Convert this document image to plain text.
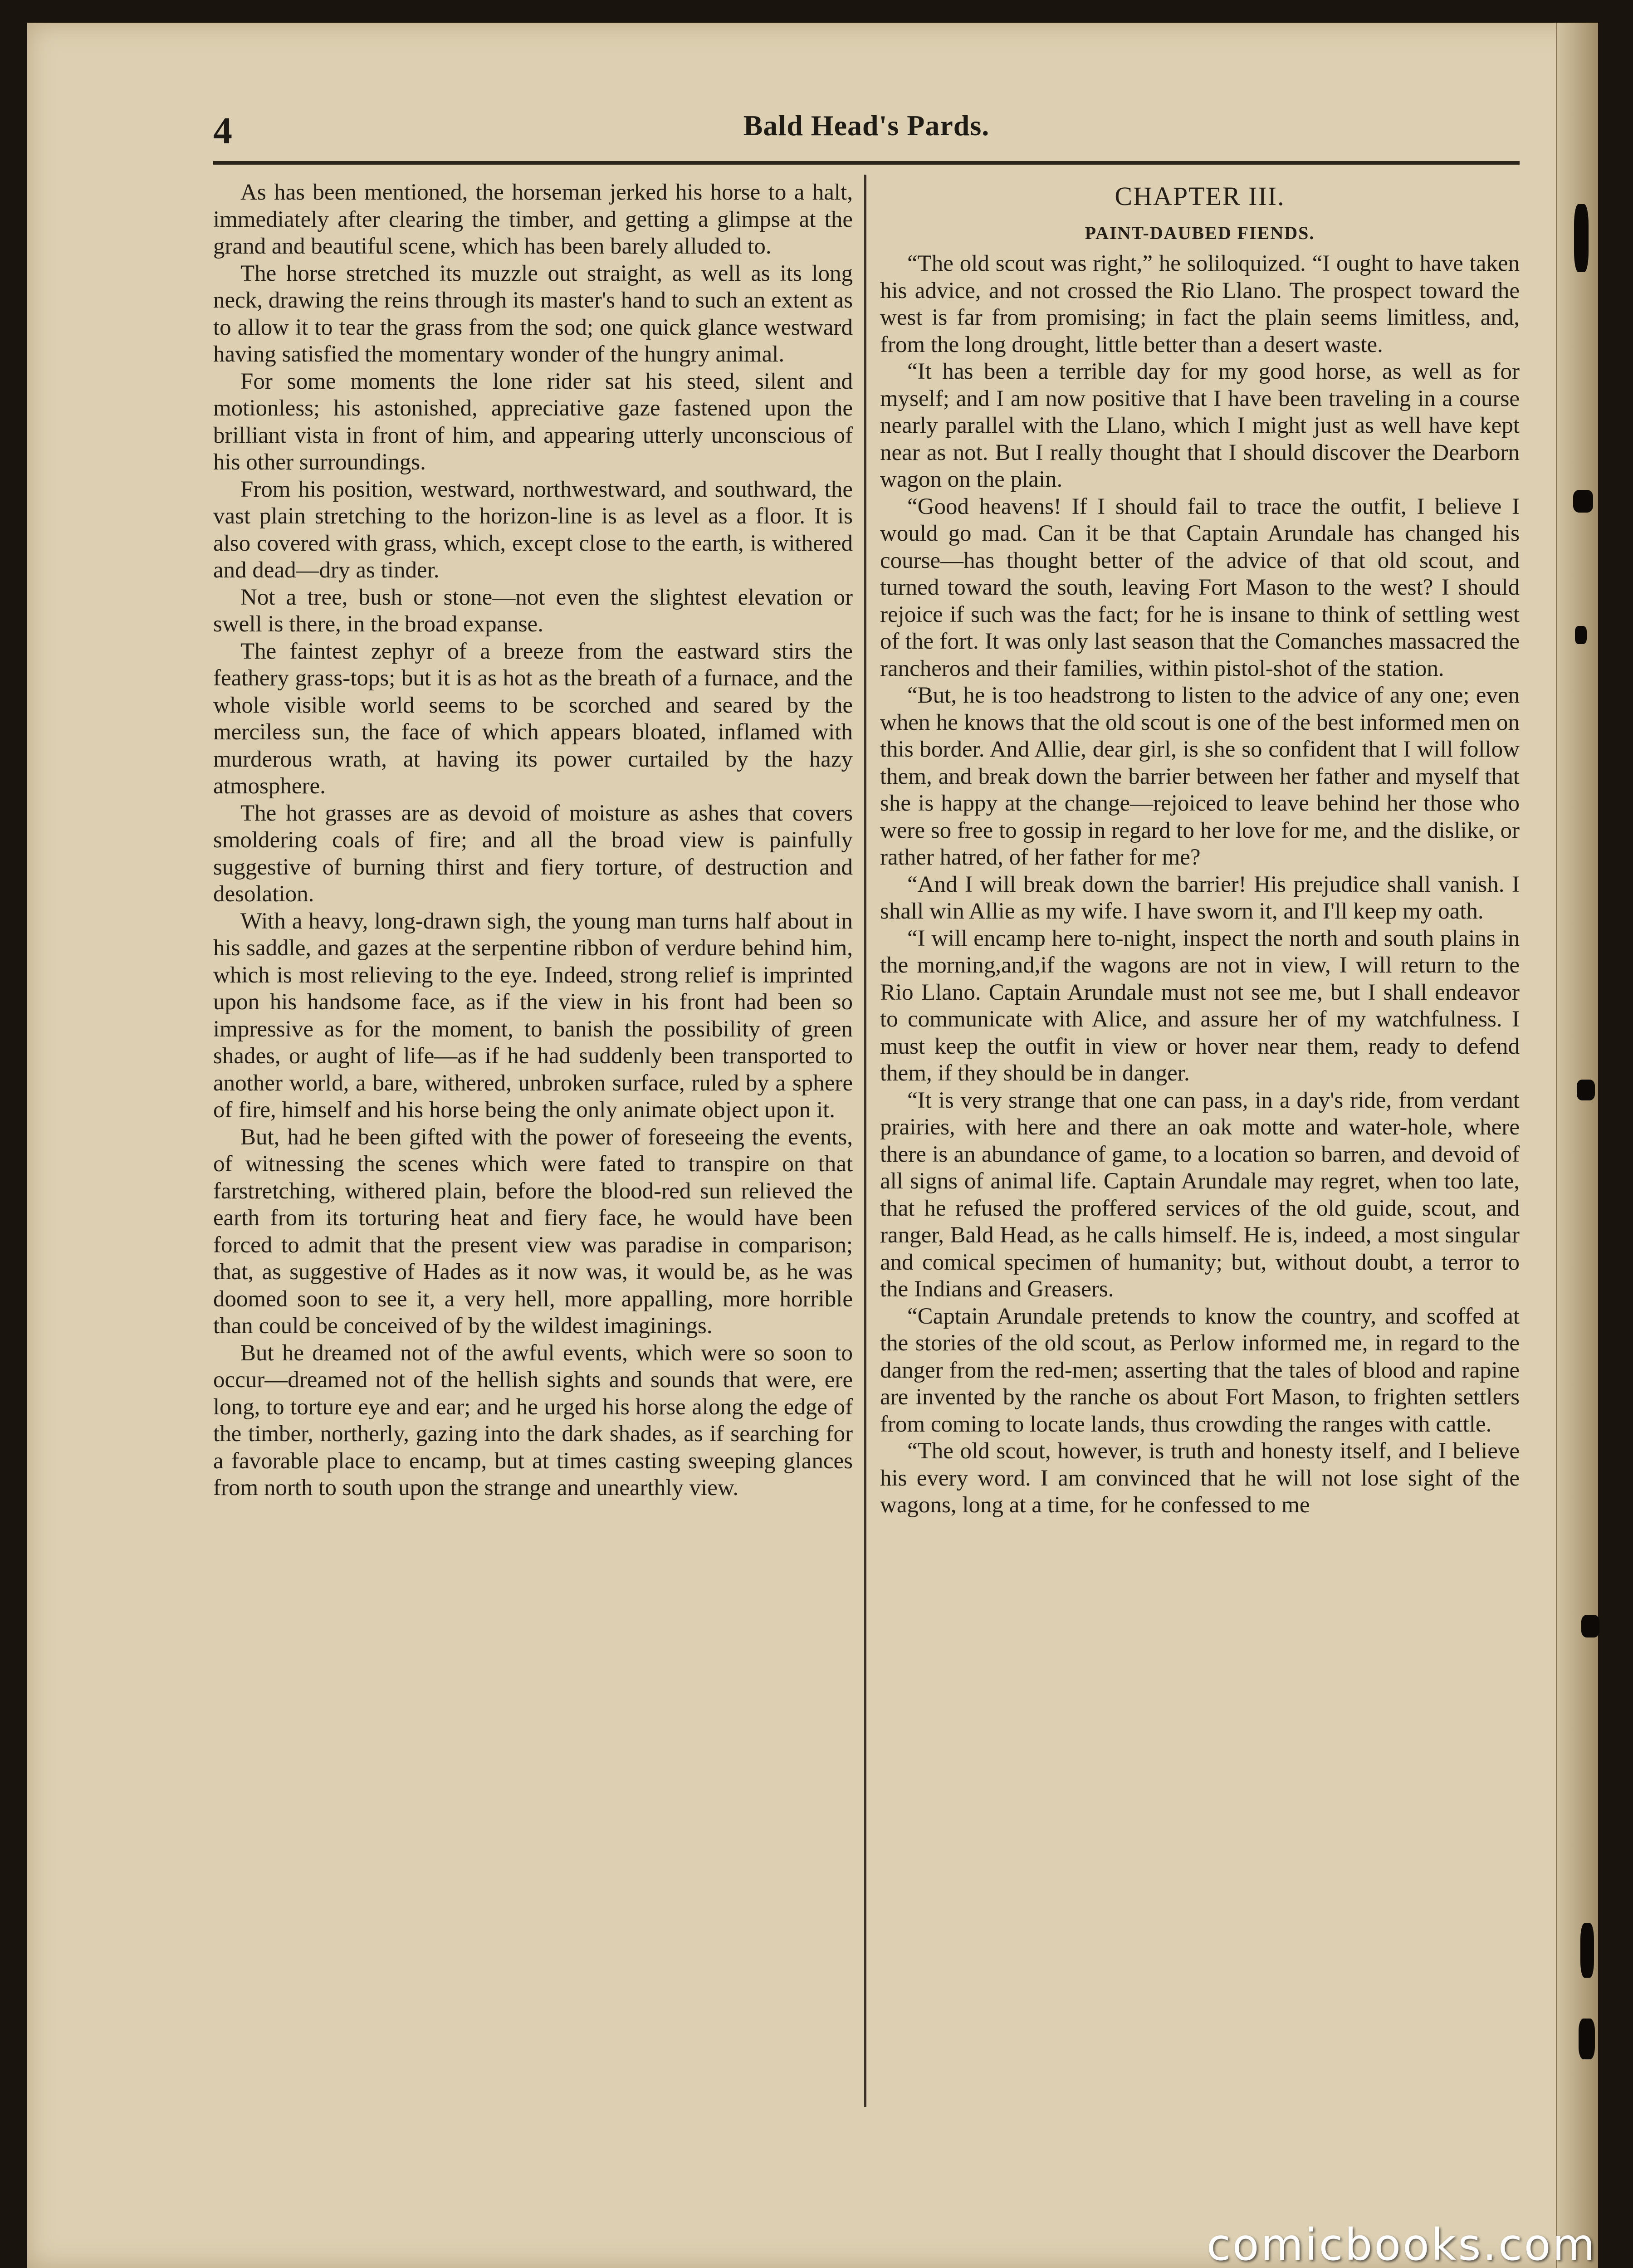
4	Bald Head's Pards.

As has been mentioned, the horseman jerked his horse to a halt, immediately after clearing the timber, and getting a glimpse at the grand and beautiful scene, which has been barely alluded to.

The horse stretched its muzzle out straight, as well as its long neck, drawing the reins through its master's hand to such an extent as to allow it to tear the grass from the sod; one quick glance westward having satisfied the momentary wonder of the hungry animal.

For some moments the lone rider sat his steed, silent and motionless; his astonished, appreciative gaze fastened upon the brilliant vista in front of him, and appearing utterly unconscious of his other surroundings.

From his position, westward, northwestward, and southward, the vast plain stretching to the horizon-line is as level as a floor. It is also covered with grass, which, except close to the earth, is withered and dead—dry as tinder.

Not a tree, bush or stone—not even the slightest elevation or swell is there, in the broad expanse.

The faintest zephyr of a breeze from the eastward stirs the feathery grass-tops; but it is as hot as the breath of a furnace, and the whole visible world seems to be scorched and seared by the merciless sun, the face of which appears bloated, inflamed with murderous wrath, at having its power curtailed by the hazy atmosphere.

The hot grasses are as devoid of moisture as ashes that covers smoldering coals of fire; and all the broad view is painfully suggestive of burning thirst and fiery torture, of destruction and desolation.

With a heavy, long-drawn sigh, the young man turns half about in his saddle, and gazes at the serpentine ribbon of verdure behind him, which is most relieving to the eye. Indeed, strong relief is imprinted upon his handsome face, as if the view in his front had been so impressive as for the moment, to banish the possibility of green shades, or aught of life—as if he had suddenly been transported to another world, a bare, withered, unbroken surface, ruled by a sphere of fire, himself and his horse being the only animate object upon it.

But, had he been gifted with the power of foreseeing the events, of witnessing the scenes which were fated to transpire on that farstretching, withered plain, before the blood-red sun relieved the earth from its torturing heat and fiery face, he would have been forced to admit that the present view was paradise in comparison; that, as suggestive of Hades as it now was, it would be, as he was doomed soon to see it, a very hell, more appalling, more horrible than could be conceived of by the wildest imaginings.

But he dreamed not of the awful events, which were so soon to occur—dreamed not of the hellish sights and sounds that were, ere long, to torture eye and ear; and he urged his horse along the edge of the timber, northerly, gazing into the dark shades, as if searching for a favorable place to encamp, but at times casting sweeping glances from north to south upon the strange and unearthly view.

CHAPTER III.
PAINT-DAUBED FIENDS.

“The old scout was right,” he soliloquized. “I ought to have taken his advice, and not crossed the Rio Llano. The prospect toward the west is far from promising; in fact the plain seems limitless, and, from the long drought, little better than a desert waste.

“It has been a terrible day for my good horse, as well as for myself; and I am now positive that I have been traveling in a course nearly parallel with the Llano, which I might just as well have kept near as not. But I really thought that I should discover the Dearborn wagon on the plain.

“Good heavens! If I should fail to trace the outfit, I believe I would go mad. Can it be that Captain Arundale has changed his course—has thought better of the advice of that old scout, and turned toward the south, leaving Fort Mason to the west? I should rejoice if such was the fact; for he is insane to think of settling west of the fort. It was only last season that the Comanches massacred the rancheros and their families, within pistol-shot of the station.

“But, he is too headstrong to listen to the advice of any one; even when he knows that the old scout is one of the best informed men on this border. And Allie, dear girl, is she so confident that I will follow them, and break down the barrier between her father and myself that she is happy at the change—rejoiced to leave behind her those who were so free to gossip in regard to her love for me, and the dislike, or rather hatred, of her father for me?

“And I will break down the barrier! His prejudice shall vanish. I shall win Allie as my wife. I have sworn it, and I'll keep my oath.

“I will encamp here to-night, inspect the north and south plains in the morning,and,if the wagons are not in view, I will return to the Rio Llano. Captain Arundale must not see me, but I shall endeavor to communicate with Alice, and assure her of my watchfulness. I must keep the outfit in view or hover near them, ready to defend them, if they should be in danger.

“It is very strange that one can pass, in a day's ride, from verdant prairies, with here and there an oak motte and water-hole, where there is an abundance of game, to a location so barren, and devoid of all signs of animal life. Captain Arundale may regret, when too late, that he refused the proffered services of the old guide, scout, and ranger, Bald Head, as he calls himself. He is, indeed, a most singular and comical specimen of humanity; but, without doubt, a terror to the Indians and Greasers.

“Captain Arundale pretends to know the country, and scoffed at the stories of the old scout, as Perlow informed me, in regard to the danger from the red-men; asserting that the tales of blood and rapine are invented by the ranche os about Fort Mason, to frighten settlers from coming to locate lands, thus crowding the ranges with cattle.

“The old scout, however, is truth and honesty itself, and I believe his every word. I am convinced that he will not lose sight of the wagons, long at a time, for he confessed to me

comicbooks.com
